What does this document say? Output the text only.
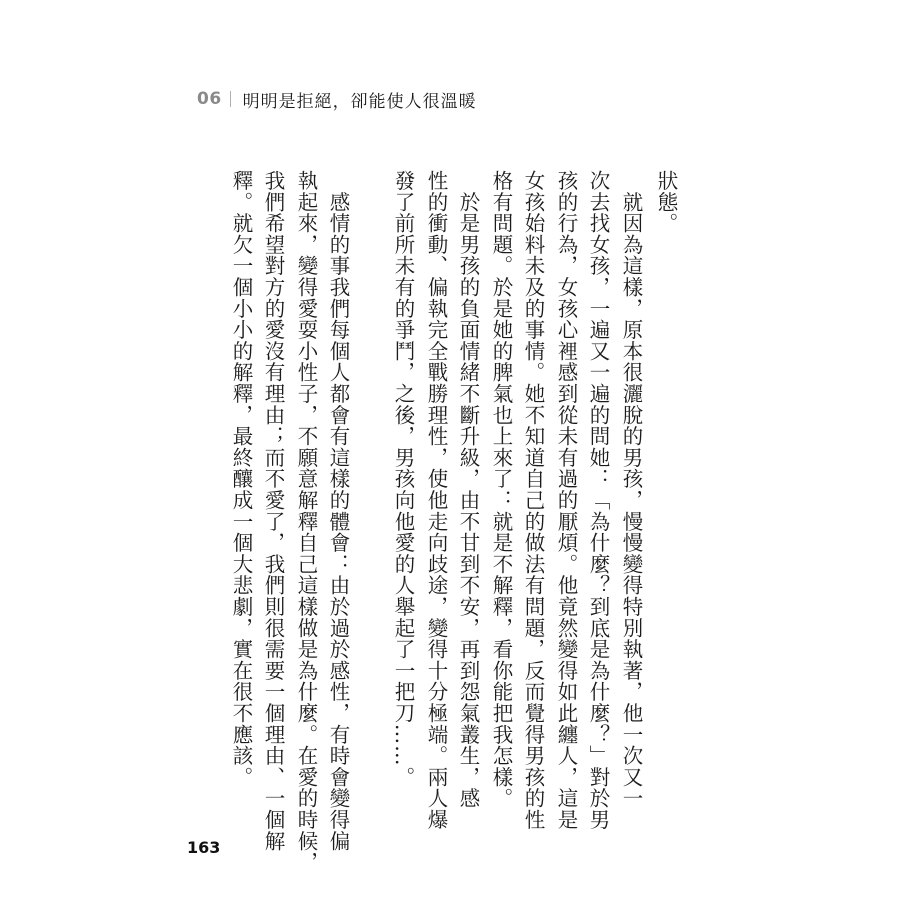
06 明明是拒絕，卻能使人很溫暖
狀態。
　就因為這樣，原本很灑脫的男孩，慢慢變得特別執著，他一次又一
次去找女孩，一遍又一遍的問她：「為什麼？到底是為什麼？」對於男
孩的行為，女孩心裡感到從未有過的厭煩。他竟然變得如此纏人，這是
女孩始料未及的事情。她不知道自己的做法有問題，反而覺得男孩的性
格有問題。於是她的脾氣也上來了：就是不解釋，看你能把我怎樣。
　於是男孩的負面情緒不斷升級，由不甘到不安，再到怨氣叢生，感
性的衝動、偏執完全戰勝理性，使他走向歧途，變得十分極端。兩人爆
發了前所未有的爭鬥，之後，男孩向他愛的人舉起了一把刀……。
　感情的事我們每個人都會有這樣的體會：由於過於感性，有時會變得偏
執起來，變得愛耍小性子，不願意解釋自己這樣做是為什麼。在愛的時候，
我們希望對方的愛沒有理由；而不愛了，我們則很需要一個理由、一個解
釋。就欠一個小小的解釋，最終釀成一個大悲劇，實在很不應該。
163
